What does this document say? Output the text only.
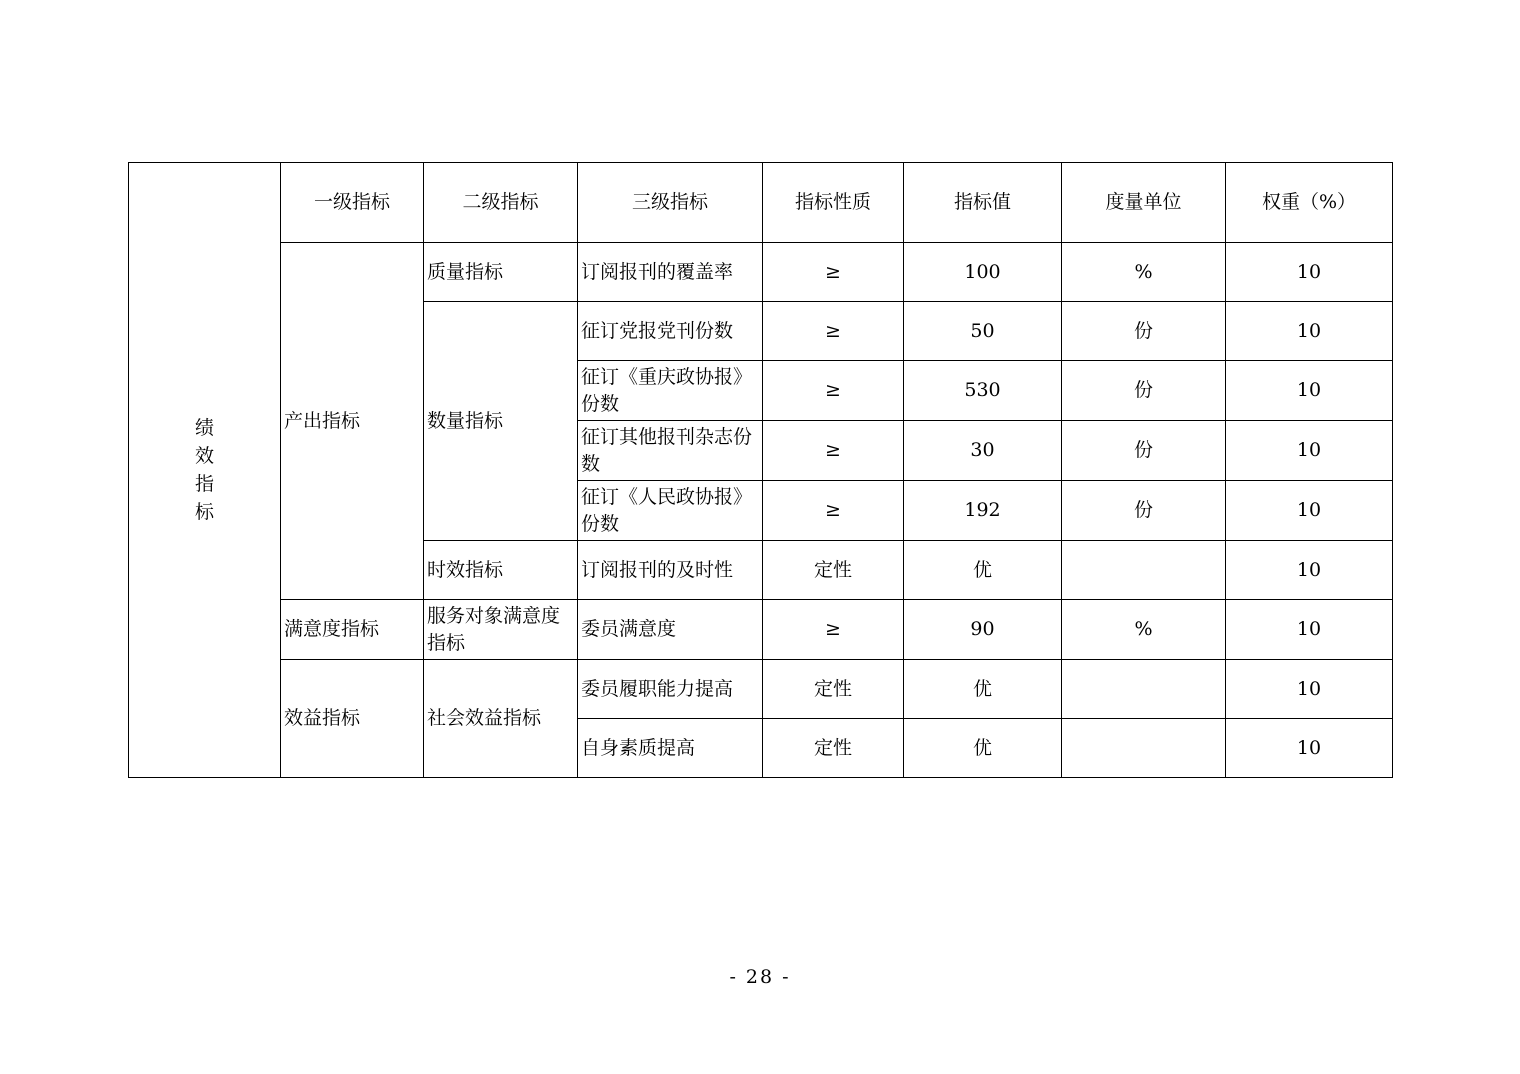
绩效指标	一级指标	二级指标	三级指标	指标性质	指标值	度量单位	权重（%）
	产出指标	质量指标	订阅报刊的覆盖率	≥	100	%	10
		数量指标	征订党报党刊份数	≥	50	份	10
			征订《重庆政协报》份数	≥	530	份	10
			征订其他报刊杂志份数	≥	30	份	10
			征订《人民政协报》份数	≥	192	份	10
		时效指标	订阅报刊的及时性	定性	优		10
	满意度指标	服务对象满意度指标	委员满意度	≥	90	%	10
	效益指标	社会效益指标	委员履职能力提高	定性	优		10
			自身素质提高	定性	优		10
- 28 -
